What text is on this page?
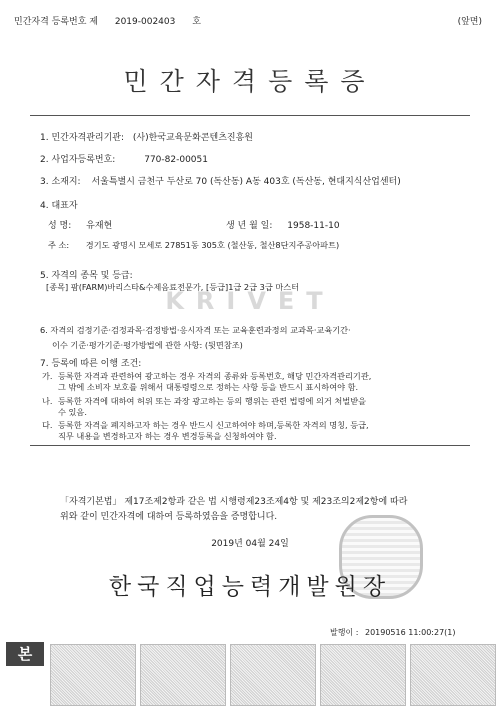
민간자격 등록번호 제 2019-002403 호	(앞면)
민간자격등록증
1. 민간자격관리기관: (사)한국교육문화콘텐츠진흥원
2. 사업자등록번호:	770-82-00051
3. 소재지: 서울특별시 금천구 두산로 70 (독산동) A동 403호 (독산동, 현대지식산업센터)
4. 대표자
성 명: 유재현	생 년 월 일: 1958-11-10
주 소: 경기도 광명시 모세로 27851동 305호 (철산동, 철산8단지주공아파트)
5. 자격의 종목 및 등급:
[종목] 팜(FARM)바리스타&수제음료전문가, [등급]1급 2급 3급 마스터
KRIVET
6. 자격의 검정기준·검정과목·검정방법·응시자격 또는 교육훈련과정의 교과목·교육기간·
이수 기준·평가기준·평가방법에 관한 사항: (뒷면참조)
7. 등록에 따른 이행 조건:
가. 등록한 자격과 관련하여 광고하는 경우 자격의 종류와 등록번호, 해당 민간자격관리기관,
그 밖에 소비자 보호를 위해서 대통령령으로 정하는 사항 등을 반드시 표시하여야 함.
나. 등록한 자격에 대하여 허위 또는 과장 광고하는 등의 행위는 관련 법령에 의거 처벌받을
수 있음.
다. 등록한 자격을 폐지하고자 하는 경우 반드시 신고하여야 하며,등록한 자격의 명칭, 등급,
직무 내용을 변경하고자 하는 경우 변경등록을 신청하여야 함.
「자격기본법」 제17조제2항과 같은 법 시행령제23조제4항 및 제23조의2제2항에 따라
위와 같이 민간자격에 대하여 등록하였음을 증명합니다.
2019년 04월 24일
한국직업능력개발원장
발행이 : 20190516 11:00:27(1)
본
